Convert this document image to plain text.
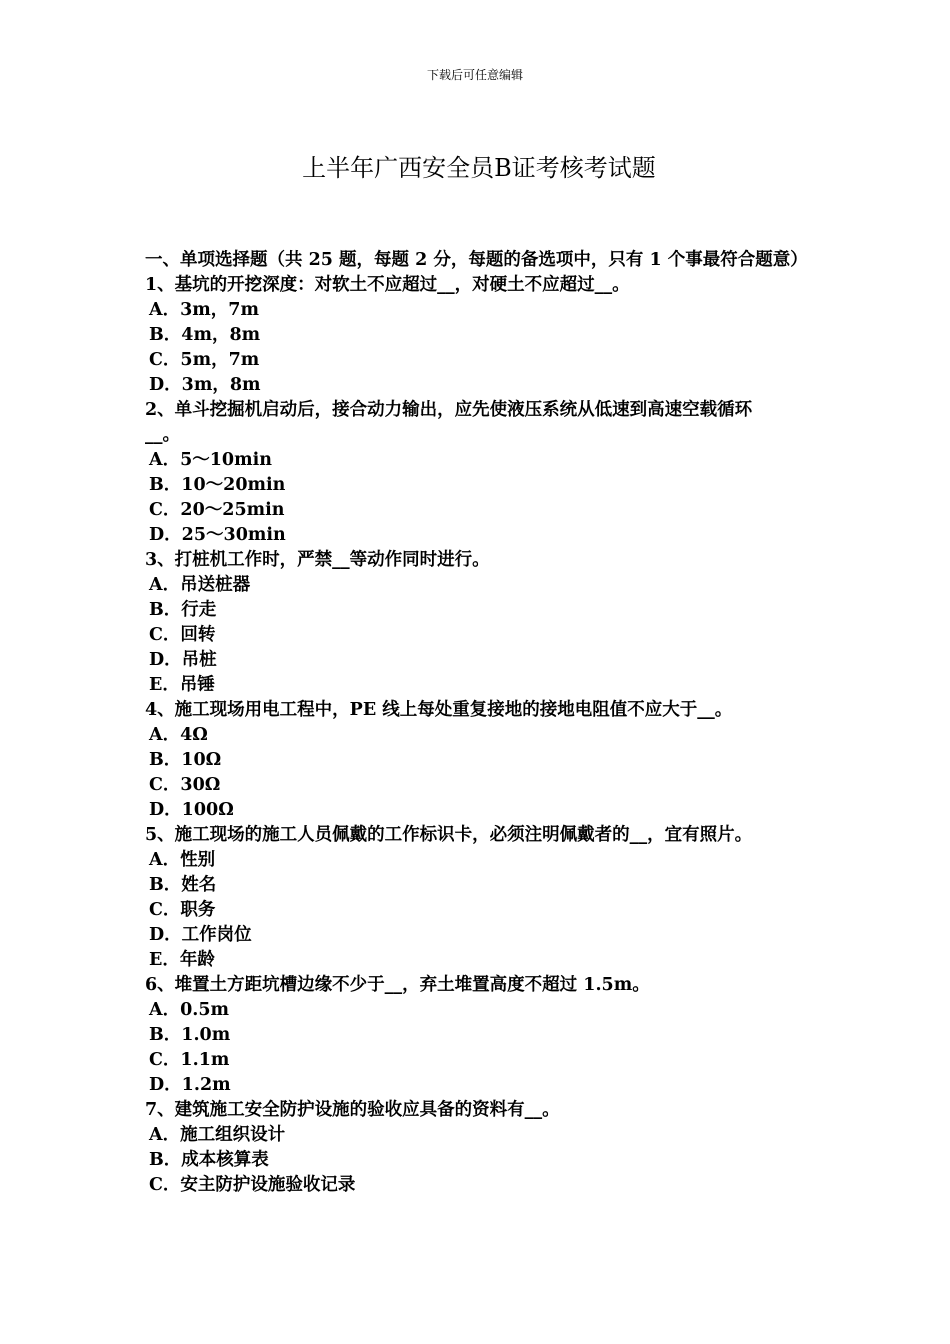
下载后可任意编辑
上半年广西安全员B证考核考试题
一、单项选择题（共 25 题，每题 2 分，每题的备选项中，只有 1 个事最符合题意）
1、基坑的开挖深度：对软土不应超过__，对硬土不应超过__。
A．3m，7m
B．4m，8m
C．5m，7m
D．3m，8m
2、单斗挖掘机启动后，接合动力输出，应先使液压系统从低速到高速空载循环
__。
A．5～10min
B．10～20min
C．20～25min
D．25～30min
3、打桩机工作时，严禁__等动作同时进行。
A．吊送桩器
B．行走
C．回转
D．吊桩
E．吊锤
4、施工现场用电工程中，PE 线上每处重复接地的接地电阻值不应大于__。
A．4Ω
B．10Ω
C．30Ω
D．100Ω
5、施工现场的施工人员佩戴的工作标识卡，必须注明佩戴者的__，宜有照片。
A．性别
B．姓名
C．职务
D．工作岗位
E．年龄
6、堆置土方距坑槽边缘不少于__，弃土堆置高度不超过 1.5m。
A．0.5m
B．1.0m
C．1.1m
D．1.2m
7、建筑施工安全防护设施的验收应具备的资料有__。
A．施工组织设计
B．成本核算表
C．安主防护设施验收记录
